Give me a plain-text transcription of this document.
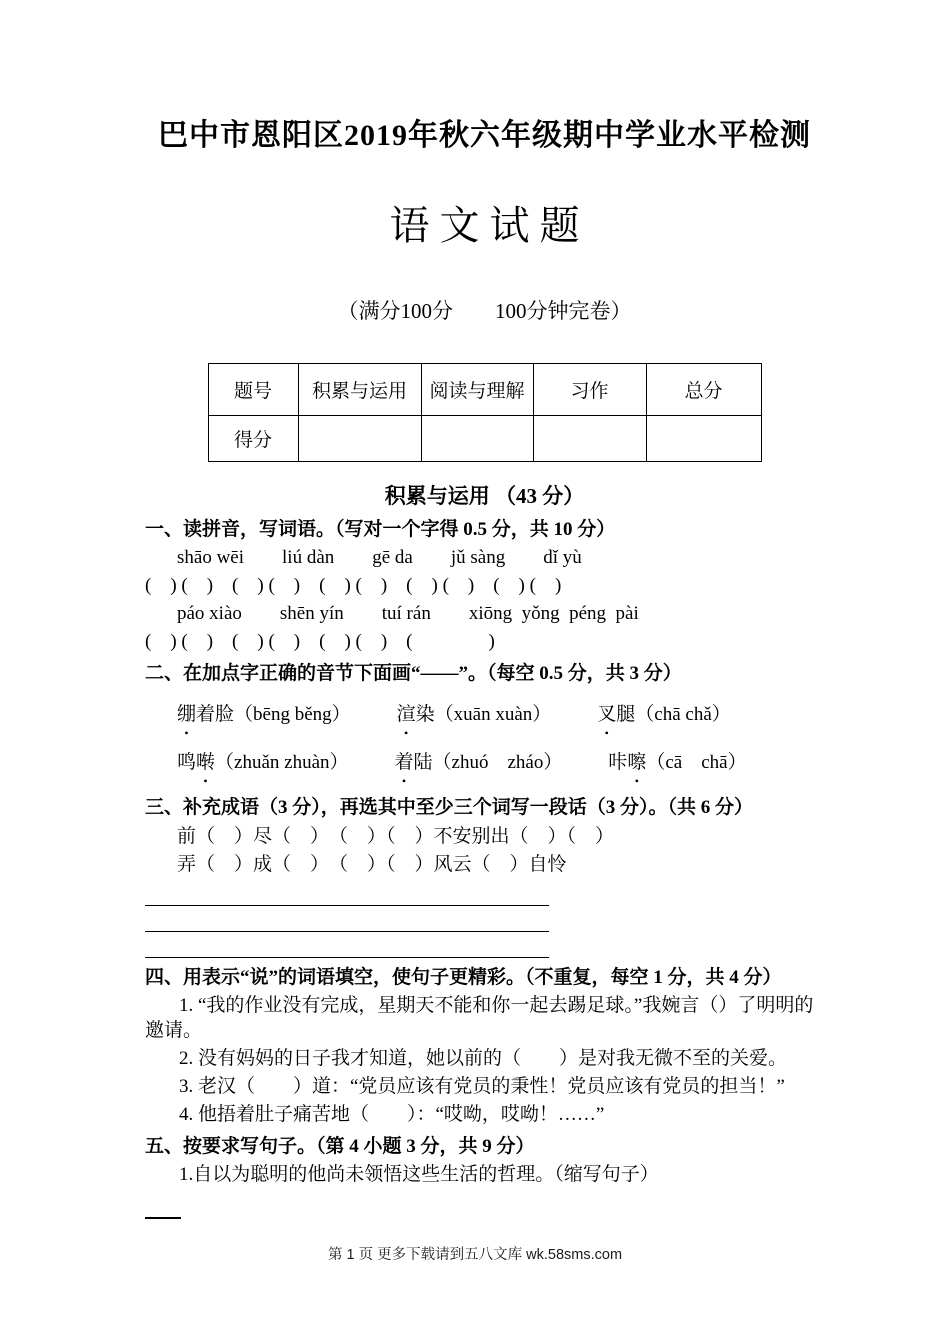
巴中市恩阳区2019年秋六年级期中学业水平检测
语 文 试 题
（满分100分　　100分钟完卷）
题号	积累与运用	阅读与理解	习作	总分
得分				
积累与运用 （43 分）

一、读拼音，写词语。（写对一个字得 0.5 分，共 10 分）

shāo wēi　　liú dàn　　gē da　　jǔ sàng　　dǐ yù

(　) (　)　(　) (　)　(　) (　)　(　) (　)　(　) (　)

páo xiào　　shēn yín　　tuí rán　　xiōng  yǒng  péng  pài

(　) (　)　(　) (　)　(　) (　)　(　　　　)

二、在加点字正确的音节下面画“——”。（每空 0.5 分，共 3 分）

绷着脸（bēng běng） 渲染（xuān xuàn） 叉腿（chā chǎ）
鸣啭（zhuǎn zhuàn） 着陆（zhuó　zháo） 咔嚓（cā　chā）

三、补充成语（3 分），再选其中至少三个词写一段话（3 分）。（共 6 分）

前（　）尽（　）　（　）（　）不安别出（　）（　）

弄（　）成（　）　（　）（　）风云（　）自怜

四、用表示“说”的词语填空，使句子更精彩。（不重复，每空 1 分，共 4 分）

1. “我的作业没有完成，星期天不能和你一起去踢足球。”我婉言（）了明明的邀请。

2. 没有妈妈的日子我才知道，她以前的（　　）是对我无微不至的关爱。

3. 老汉（　　）道：“党员应该有党员的秉性！党员应该有党员的担当！”

4. 他捂着肚子痛苦地（　　）：“哎呦，哎呦！……”

五、按要求写句子。（第 4 小题 3 分，共 9 分）

1.自以为聪明的他尚未领悟这些生活的哲理。（缩写句子）

第 1 页 更多下载请到五八文库 wk.58sms.com
